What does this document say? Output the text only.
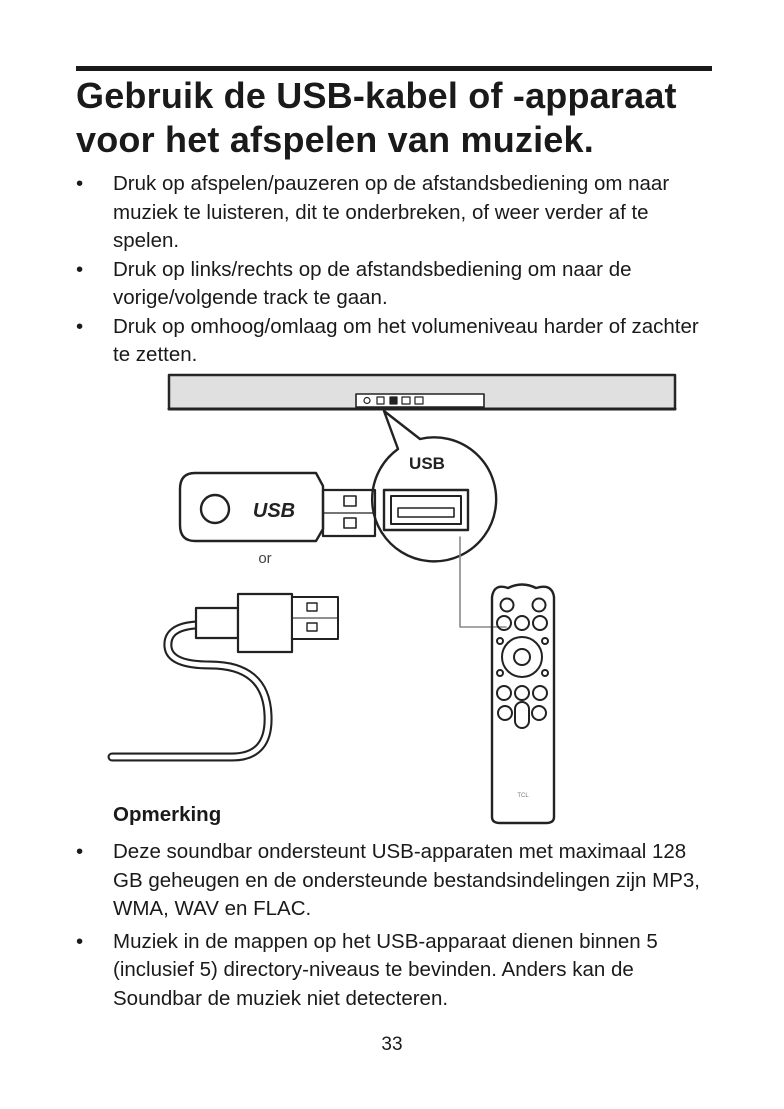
Gebruik de USB-kabel of -apparaat voor het afspelen van muziek.
• Druk op afspelen/pauzeren op de afstandsbediening om naar muziek te luisteren, dit te onderbreken, of weer verder af te spelen.
• Druk op links/rechts op de afstandsbediening om naar de vorige/volgende track te gaan.
• Druk op omhoog/omlaag om het volumeniveau harder of zachter te zetten.
USB
USB
or
TCL

Opmerking

• Deze soundbar ondersteunt USB-apparaten met maximaal 128 GB geheugen en de ondersteunde bestandsindelingen zijn MP3, WMA, WAV en FLAC.
• Muziek in de mappen op het USB-apparaat dienen binnen 5 (inclusief 5) directory-niveaus te bevinden. Anders kan de Soundbar de muziek niet detecteren.
33
